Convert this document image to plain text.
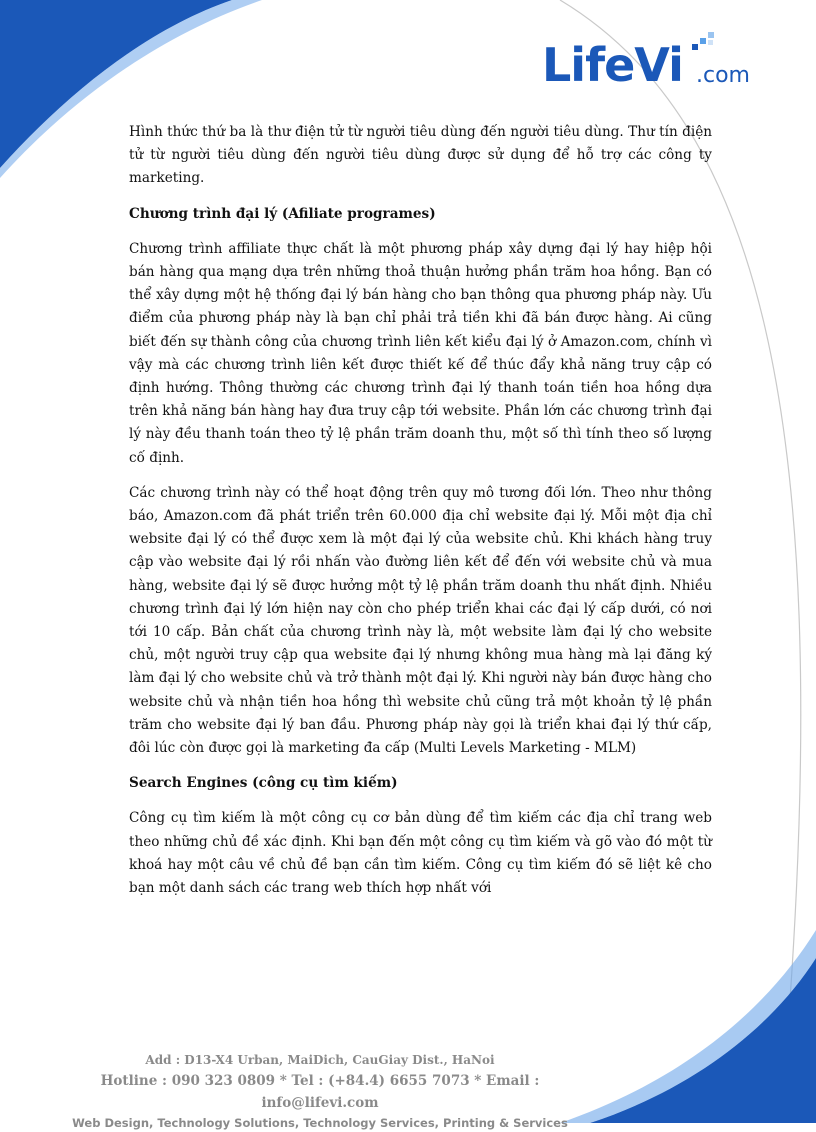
LifeVi .com

Hình thức thứ ba là thư điện tử từ người tiêu dùng đến người tiêu dùng. Thư tín điện tử từ người tiêu dùng đến người tiêu dùng được sử dụng để hỗ trợ các công ty marketing.

Chương trình đại lý (Afiliate programes)

Chương trình affiliate thực chất là một phương pháp xây dựng đại lý hay hiệp hội bán hàng qua mạng dựa trên những thoả thuận hưởng phần trăm hoa hồng. Bạn có thể xây dựng một hệ thống đại lý bán hàng cho bạn thông qua phương pháp này. Ưu điểm của phương pháp này là bạn chỉ phải trả tiền khi đã bán được hàng. Ai cũng biết đến sự thành công của chương trình liên kết kiểu đại lý ở Amazon.com, chính vì vậy mà các chương trình liên kết được thiết kế để thúc đẩy khả năng truy cập có định hướng. Thông thường các chương trình đại lý thanh toán tiền hoa hồng dựa trên khả năng bán hàng hay đưa truy cập tới website. Phần lớn các chương trình đại lý này đều thanh toán theo tỷ lệ phần trăm doanh thu, một số thì tính theo số lượng cố định.

Các chương trình này có thể hoạt động trên quy mô tương đối lớn. Theo như thông báo, Amazon.com đã phát triển trên 60.000 địa chỉ website đại lý. Mỗi một địa chỉ website đại lý có thể được xem là một đại lý của website chủ. Khi khách hàng truy cập vào website đại lý rồi nhấn vào đường liên kết để đến với website chủ và mua hàng, website đại lý sẽ được hưởng một tỷ lệ phần trăm doanh thu nhất định. Nhiều chương trình đại lý lớn hiện nay còn cho phép triển khai các đại lý cấp dưới, có nơi tới 10 cấp. Bản chất của chương trình này là, một website làm đại lý cho website chủ, một người truy cập qua website đại lý nhưng không mua hàng mà lại đăng ký làm đại lý cho website chủ và trở thành một đại lý. Khi người này bán được hàng cho website chủ và nhận tiền hoa hồng thì website chủ cũng trả một khoản tỷ lệ phần trăm cho website đại lý ban đầu. Phương pháp này gọi là triển khai đại lý thứ cấp, đôi lúc còn được gọi là marketing đa cấp (Multi Levels Marketing - MLM)

Search Engines (công cụ tìm kiếm)

Công cụ tìm kiếm là một công cụ cơ bản dùng để tìm kiếm các địa chỉ trang web theo những chủ đề xác định. Khi bạn đến một công cụ tìm kiếm và gõ vào đó một từ khoá hay một câu về chủ đề bạn cần tìm kiếm. Công cụ tìm kiếm đó sẽ liệt kê cho bạn một danh sách các trang web thích hợp nhất với

Add : D13-X4 Urban, MaiDich, CauGiay Dist., HaNoi
Hotline : 090 323 0809 * Tel : (+84.4) 6655 7073 * Email : info@lifevi.com
Web Design, Technology Solutions, Technology Services, Printing & Services
